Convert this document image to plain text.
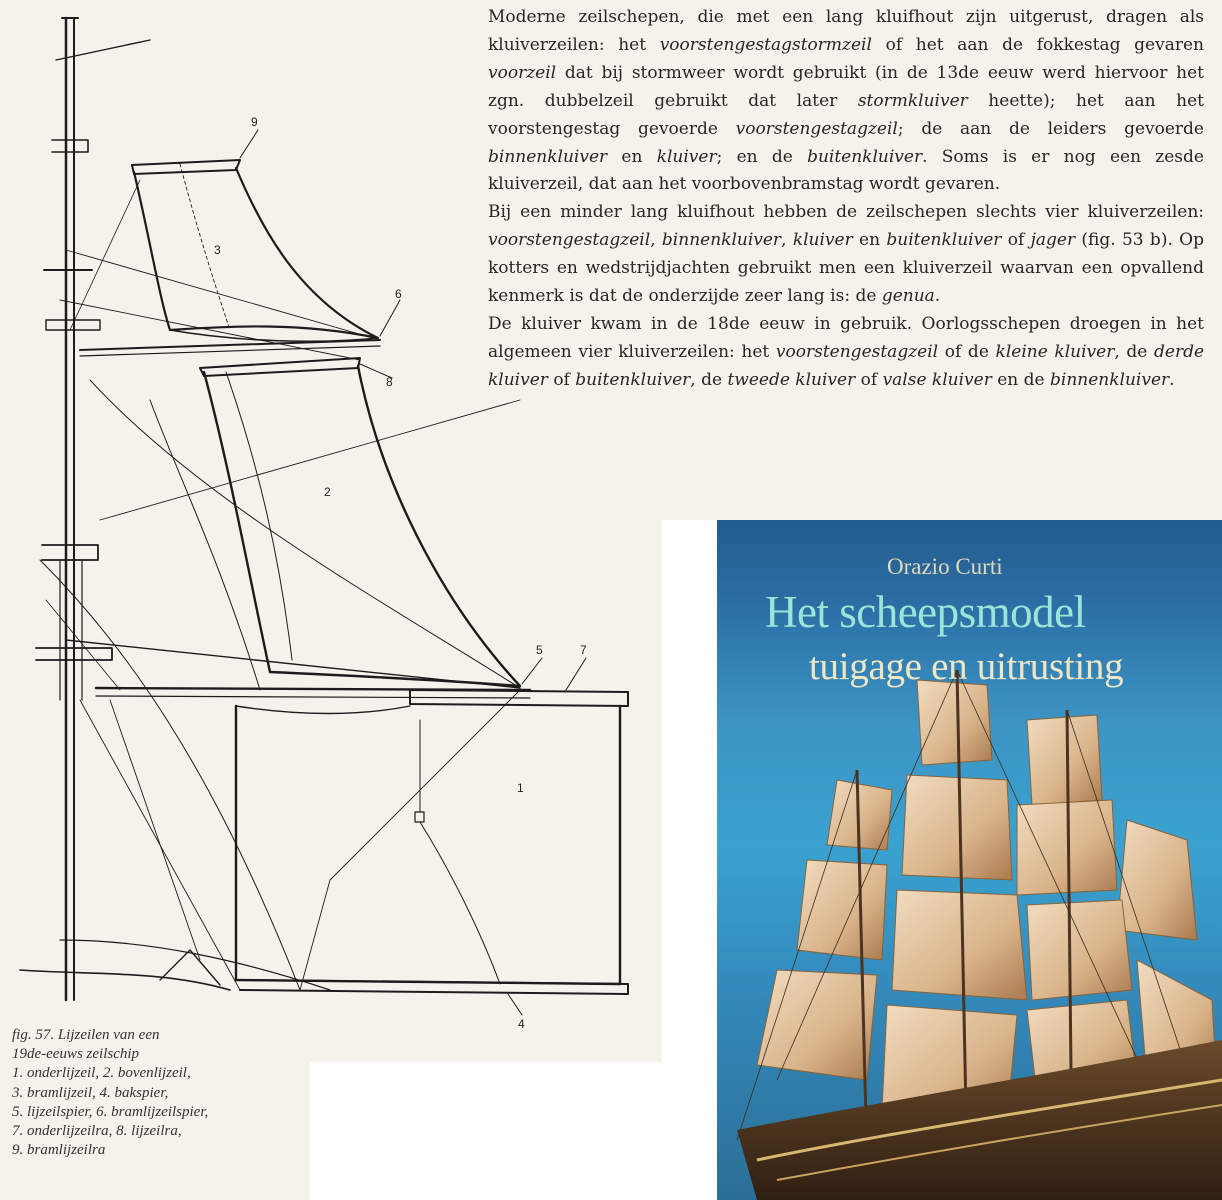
9
3
6
8
2
5	7
1
4

Moderne zeilschepen, die met een lang kluifhout zijn uitgerust, dragen als kluiverzeilen: het voorstengestagstormzeil of het aan de fokkestag gevaren voorzeil dat bij stormweer wordt gebruikt (in de 13de eeuw werd hiervoor het zgn. dubbelzeil gebruikt dat later stormkluiver heette); het aan het voorstengestag gevoerde voorstengestagzeil; de aan de leiders gevoerde binnenkluiver en kluiver; en de buitenkluiver. Soms is er nog een zesde kluiverzeil, dat aan het voorbovenbramstag wordt gevaren.

Bij een minder lang kluifhout hebben de zeilschepen slechts vier kluiverzeilen: voorstengestagzeil, binnenkluiver, kluiver en buitenkluiver of jager (fig. 53 b). Op kotters en wedstrijdjachten gebruikt men een kluiverzeil waarvan een opvallend kenmerk is dat de onderzijde zeer lang is: de genua.

De kluiver kwam in de 18de eeuw in gebruik. Oorlogsschepen droegen in het algemeen vier kluiverzeilen: het voorstengestagzeil of de kleine kluiver, de derde kluiver of buitenkluiver, de tweede kluiver of valse kluiver en de binnenkluiver.

fig. 57. Lijzeilen van een
19de-eeuws zeilschip
1. onderlijzeil, 2. bovenlijzeil,
3. bramlijzeil, 4. bakspier,
5. lijzeilspier, 6. bramlijzeilspier,
7. onderlijzeilra, 8. lijzeilra,
9. bramlijzeilra
Orazio Curti
Het scheepsmodel
tuigage en uitrusting
